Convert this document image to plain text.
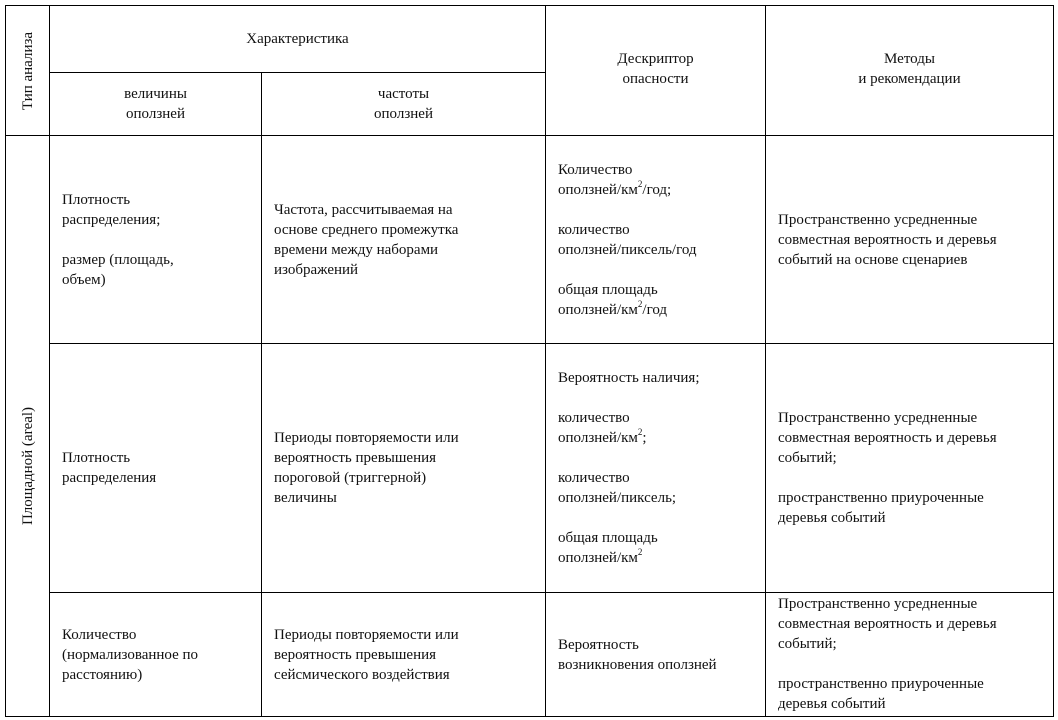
Тип анализа	Характеристика
величины
оползней
частоты
оползней
Дескриптор
опасности
Методы
и рекомендации
Площадной (areal)
Плотность
распределения;
размер (площадь,
объем)
Частота, рассчитываемая на
основе среднего промежутка
времени между наборами
изображений
Количество
оползней/$км^2$/год;
количество
оползней/пиксель/год
общая площадь
оползней/$км^2$/год
Пространственно усредненные
совместная вероятность и деревья
событий на основе сценариев
Плотность
распределения
Периоды повторяемости или
вероятность превышения
пороговой (триггерной)
величины
Вероятность наличия;
количество
оползней/$км^2$;
количество
оползней/пиксель;
общая площадь
оползней/$км^2$
Пространственно усредненные
совместная вероятность и деревья
событий;
пространственно приуроченные
деревья событий
Количество
(нормализованное по
расстоянию)
Периоды повторяемости или
вероятность превышения
сейсмического воздействия
Вероятность
возникновения оползней
Пространственно усредненные
совместная вероятность и деревья
событий;
пространственно приуроченные
деревья событий
